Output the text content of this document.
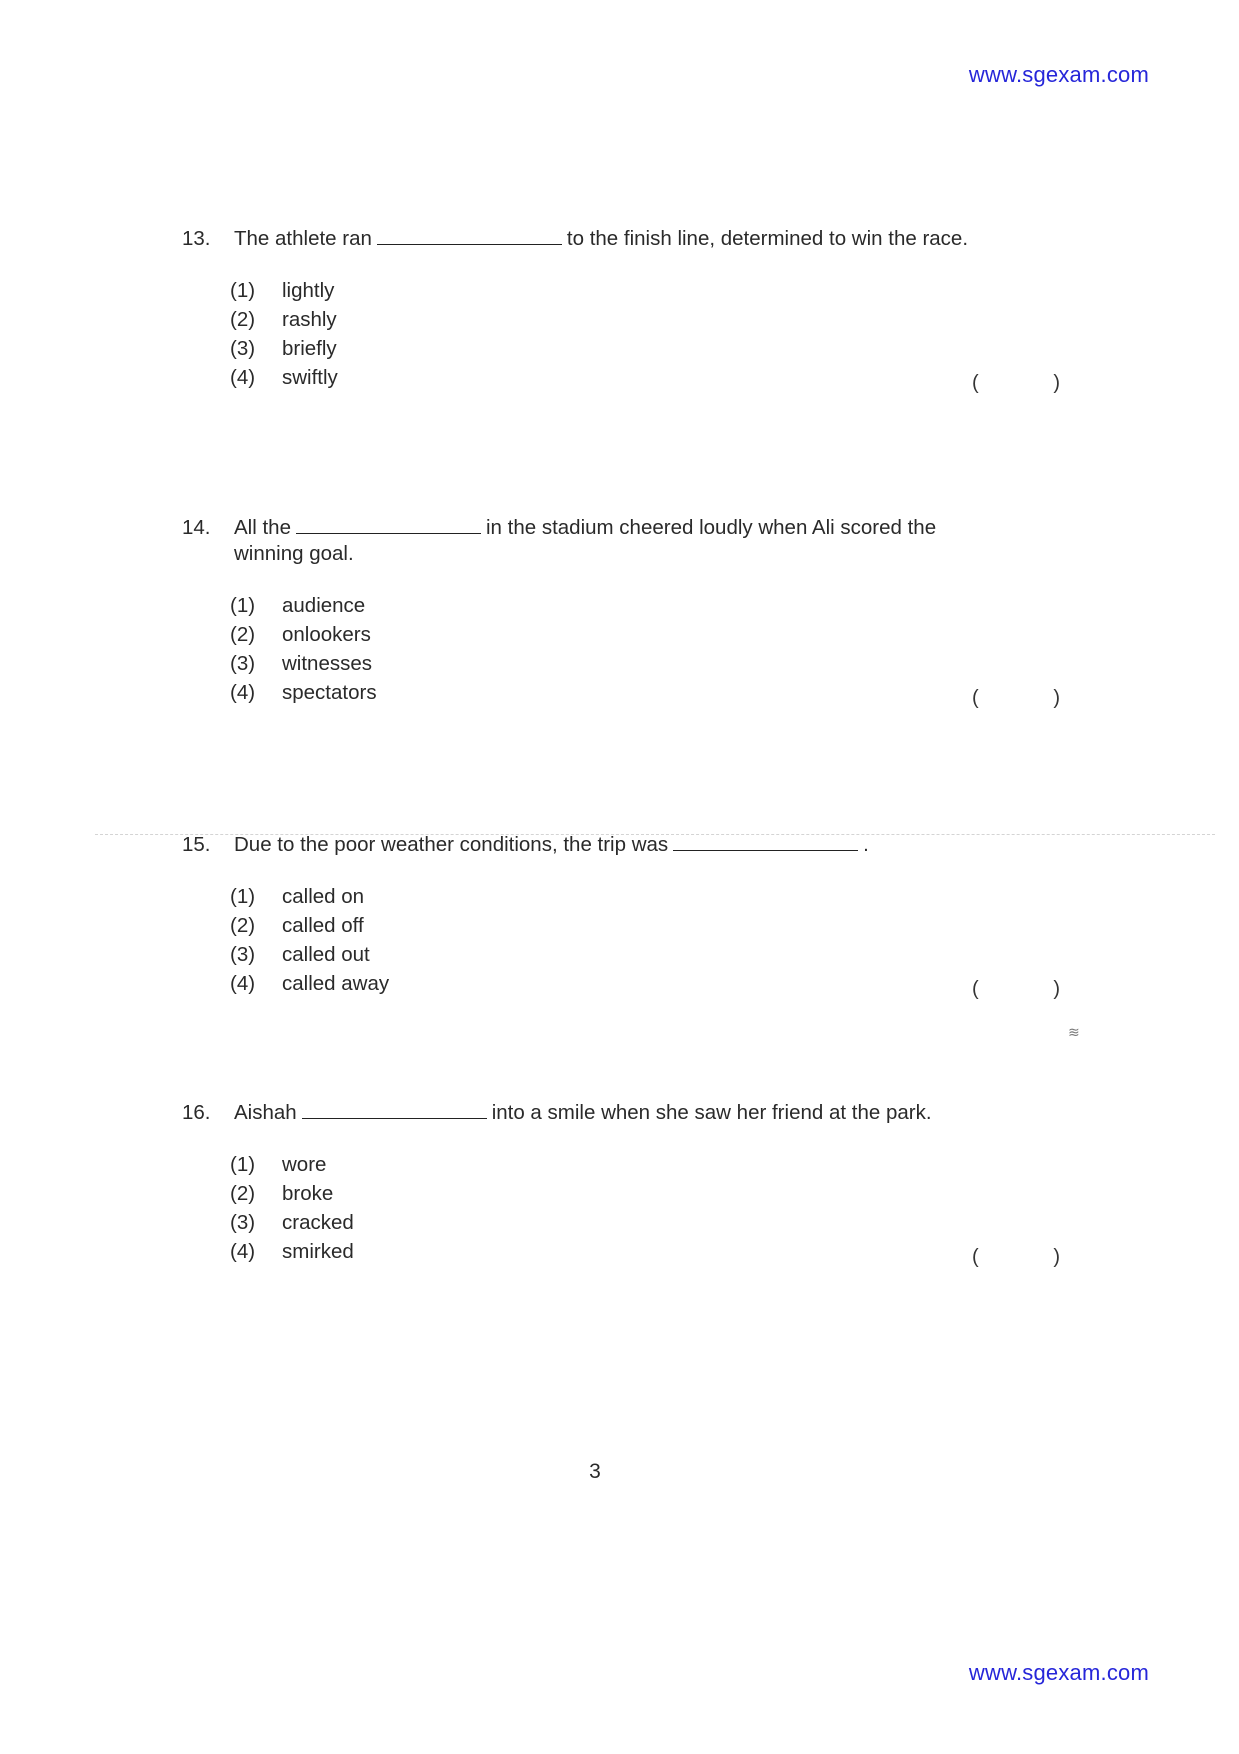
www.sgexam.com
13.	The athlete ran	to the finish line, determined to win the race.
(1)	lightly
(2)	rashly
(3)	briefly
(4)	swiftly	(	)
14.	All the	in the stadium cheered loudly when Ali scored the winning goal.
(1)	audience
(2)	onlookers
(3)	witnesses
(4)	spectators	(	)
15.	Due to the poor weather conditions, the trip was	.
(1)	called on
(2)	called off
(3)	called out
(4)	called away	(	)
≋
16.	Aishah	into a smile when she saw her friend at the park.
(1)	wore
(2)	broke
(3)	cracked
(4)	smirked	(	)
3
www.sgexam.com
